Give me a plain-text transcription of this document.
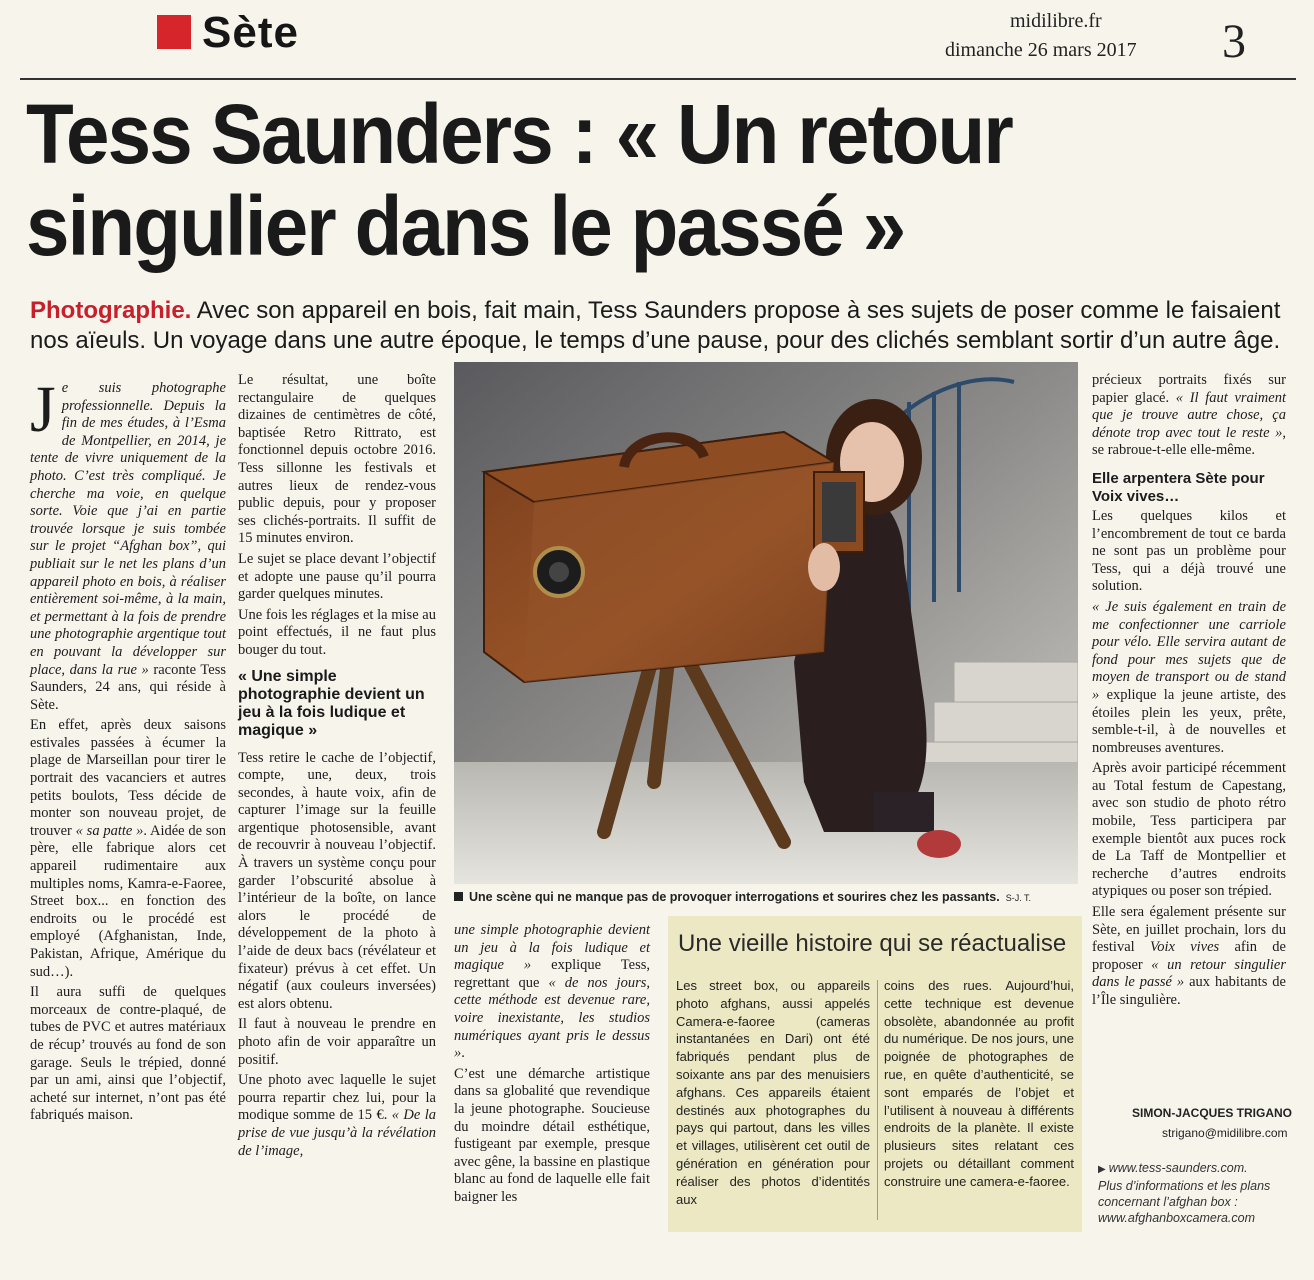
Sète	midilibre.fr
dimanche 26 mars 2017 3
Tess Saunders : « Un retour
singulier dans le passé »
Photographie. Avec son appareil en bois, fait main, Tess Saunders propose à ses sujets de poser comme le faisaient nos aïeuls. Un voyage dans une autre époque, le temps d’une pause, pour des clichés semblant sortir d’un autre âge.

Je suis photographe professionnelle. Depuis la fin de mes études, à l’Esma de Montpellier, en 2014, je tente de vivre uniquement de la photo. C’est très compliqué. Je cherche ma voie, en quelque sorte. Voie que j’ai en partie trouvée lorsque je suis tombée sur le projet “Afghan box”, qui publiait sur le net les plans d’un appareil photo en bois, à réaliser entièrement soi-même, à la main, et permettant à la fois de prendre une photographie argentique tout en pouvant la développer sur place, dans la rue » raconte Tess Saunders, 24 ans, qui réside à Sète.

En effet, après deux saisons estivales passées à écumer la plage de Marseillan pour tirer le portrait des vacanciers et autres petits boulots, Tess décide de monter son nouveau projet, de trouver « sa patte ». Aidée de son père, elle fabrique alors cet appareil rudimentaire aux multiples noms, Kamra-e-Faoree, Street box... en fonction des endroits ou le procédé est employé (Afghanistan, Inde, Pakistan, Afrique, Amérique du sud…).

Il aura suffi de quelques morceaux de contre-plaqué, de tubes de PVC et autres matériaux de récup’ trouvés au fond de son garage. Seuls le trépied, donné par un ami, ainsi que l’objectif, acheté sur internet, n’ont pas été fabriqués maison.

Le résultat, une boîte rectangulaire de quelques dizaines de centimètres de côté, baptisée Retro Rittrato, est fonctionnel depuis octobre 2016. Tess sillonne les festivals et autres lieux de rendez-vous public depuis, pour y proposer ses clichés-portraits. Il suffit de 15 minutes environ.

Le sujet se place devant l’objectif et adopte une pause qu’il pourra garder quelques minutes.

Une fois les réglages et la mise au point effectués, il ne faut plus bouger du tout.

« Une simple photographie devient un jeu à la fois ludique et magique »

Tess retire le cache de l’objectif, compte, une, deux, trois secondes, à haute voix, afin de capturer l’image sur la feuille argentique photosensible, avant de recouvrir à nouveau l’objectif. À travers un système conçu pour garder l’obscurité absolue à l’intérieur de la boîte, on lance alors le procédé de développement de la photo à l’aide de deux bacs (révélateur et fixateur) prévus à cet effet. Un négatif (aux couleurs inversées) est alors obtenu.

Il faut à nouveau le prendre en photo afin de voir apparaître un positif.

Une photo avec laquelle le sujet pourra repartir chez lui, pour la modique somme de 15 €. « De la prise de vue jusqu’à la révélation de l’image,

Une scène qui ne manque pas de provoquer interrogations et sourires chez les passants. S-J. T.

une simple photographie devient un jeu à la fois ludique et magique » explique Tess, regrettant que « de nos jours, cette méthode est devenue rare, voire inexistante, les studios numériques ayant pris le dessus ».

C’est une démarche artistique dans sa globalité que revendique la jeune photographe. Soucieuse du moindre détail esthétique, fustigeant par exemple, presque avec gêne, la bassine en plastique blanc au fond de laquelle elle fait baigner les

Une vieille histoire qui se réactualise
Les street box, ou appareils photo afghans, aussi appelés Camera-e-faoree (cameras instantanées en Dari) ont été fabriqués pendant plus de soixante ans par des menuisiers afghans. Ces appareils étaient destinés aux photographes du pays qui partout, dans les villes et villages, utilisèrent cet outil de génération en génération pour réaliser des photos d’identités aux
coins des rues. Aujourd’hui, cette technique est devenue obsolète, abandonnée au profit du numérique. De nos jours, une poignée de photographes de rue, en quête d’authenticité, se sont emparés de l’objet et l’utilisent à nouveau à différents endroits de la planète. Il existe plusieurs sites relatant ces projets ou détaillant comment construire une camera-e-faoree.

précieux portraits fixés sur papier glacé. « Il faut vraiment que je trouve autre chose, ça dénote trop avec tout le reste », se rabroue-t-elle elle-même.

Elle arpentera Sète pour Voix vives…

Les quelques kilos et l’encombrement de tout ce barda ne sont pas un problème pour Tess, qui a déjà trouvé une solution.

« Je suis également en train de me confectionner une carriole pour vélo. Elle servira autant de fond pour mes sujets que de moyen de transport ou de stand » explique la jeune artiste, des étoiles plein les yeux, prête, semble-t-il, à de nouvelles et nombreuses aventures.

Après avoir participé récemment au Total festum de Capestang, avec son studio de photo rétro mobile, Tess participera par exemple bientôt aux puces rock de La Taff de Montpellier et recherche d’autres endroits atypiques ou poser son trépied.

Elle sera également présente sur Sète, en juillet prochain, lors du festival Voix vives afin de proposer « un retour singulier dans le passé » aux habitants de l’Île singulière.

SIMON-JACQUES TRIGANO
strigano@midilibre.com
▶ www.tess-saunders.com.
Plus d’informations et les plans concernant l’afghan box :
www.afghanboxcamera.com
